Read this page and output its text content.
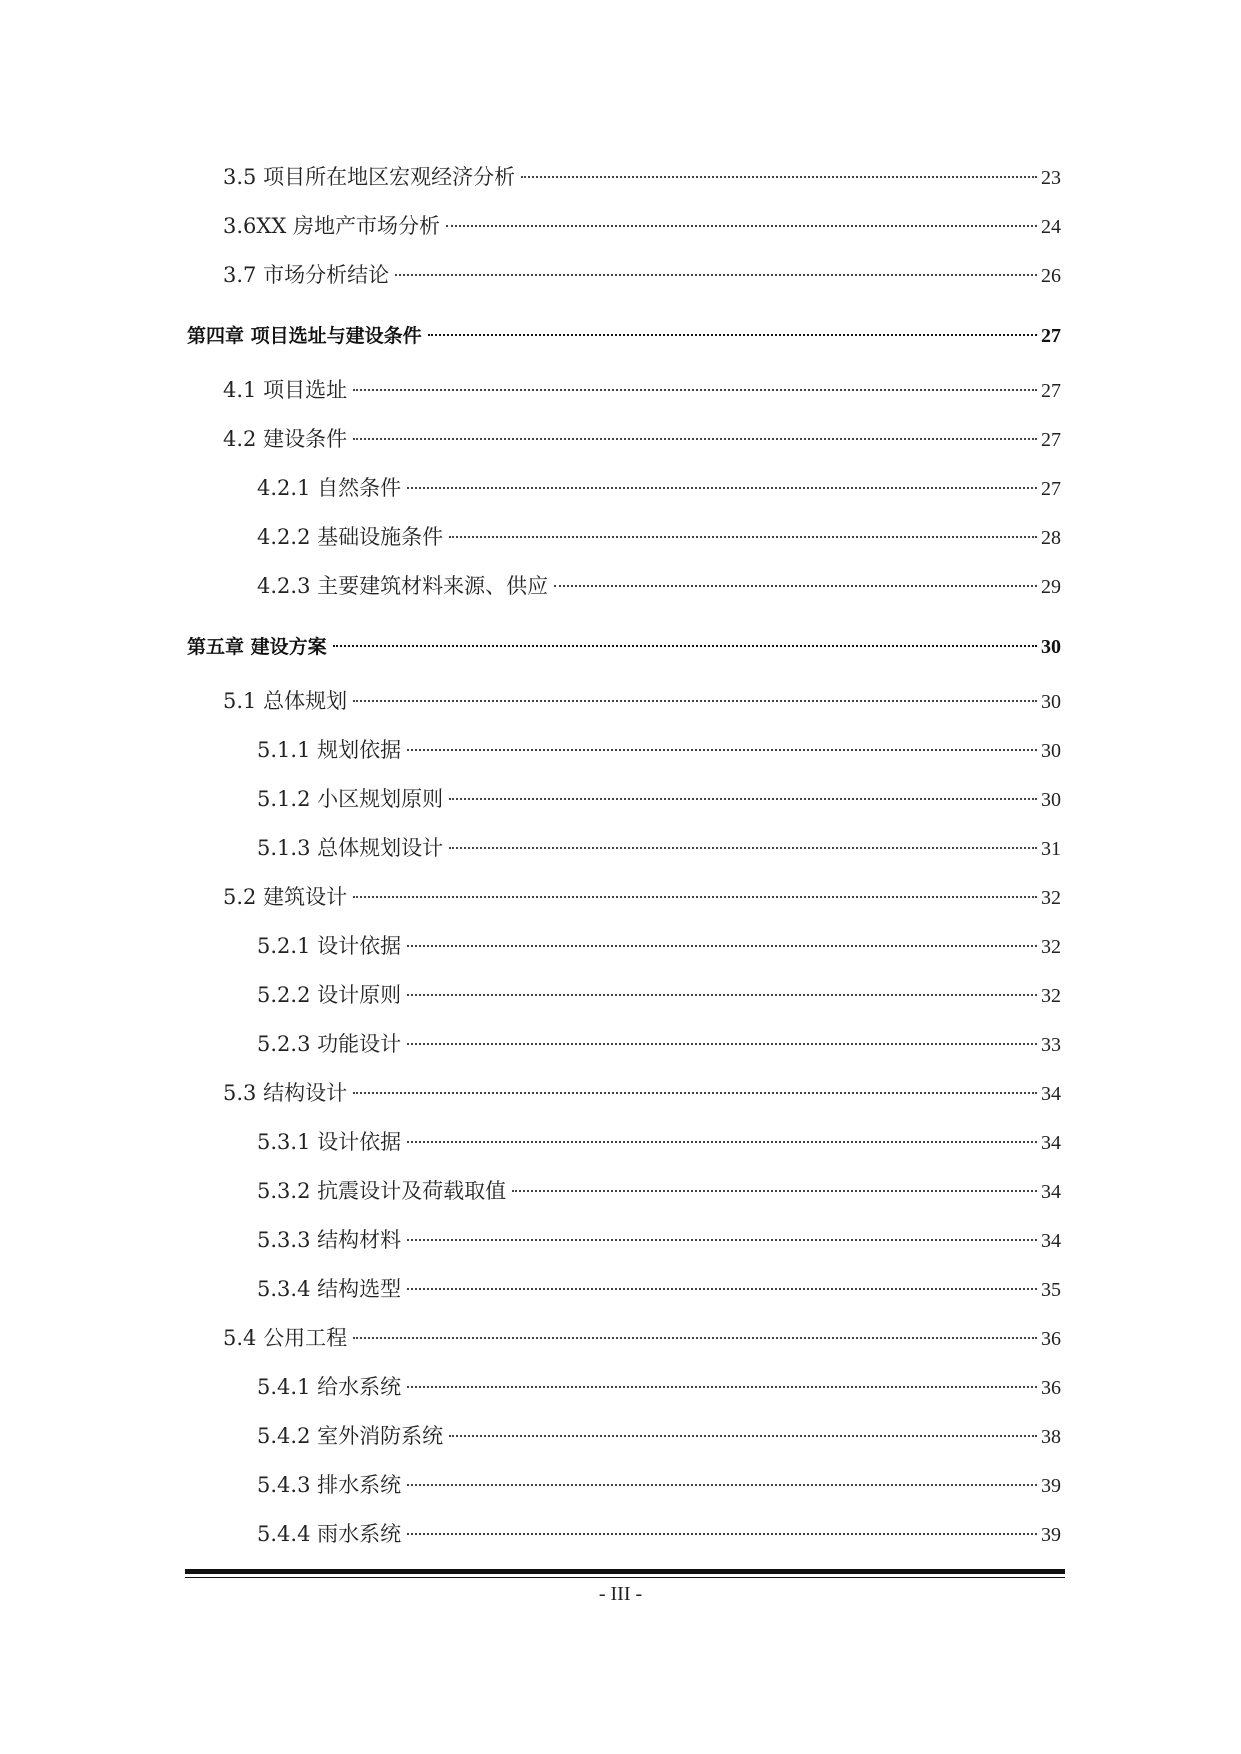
3.5 项目所在地区宏观经济分析	23
3.6XX 房地产市场分析	24
3.7 市场分析结论	26
第四章 项目选址与建设条件	27
4.1 项目选址	27
4.2 建设条件	27
4.2.1 自然条件	27
4.2.2 基础设施条件	28
4.2.3 主要建筑材料来源、供应	29
第五章 建设方案	30
5.1 总体规划	30
5.1.1 规划依据	30
5.1.2 小区规划原则	30
5.1.3 总体规划设计	31
5.2 建筑设计	32
5.2.1 设计依据	32
5.2.2 设计原则	32
5.2.3 功能设计	33
5.3 结构设计	34
5.3.1 设计依据	34
5.3.2 抗震设计及荷载取值	34
5.3.3 结构材料	34
5.3.4 结构选型	35
5.4 公用工程	36
5.4.1 给水系统	36
5.4.2 室外消防系统	38
5.4.3 排水系统	39
5.4.4 雨水系统	39
- III -
